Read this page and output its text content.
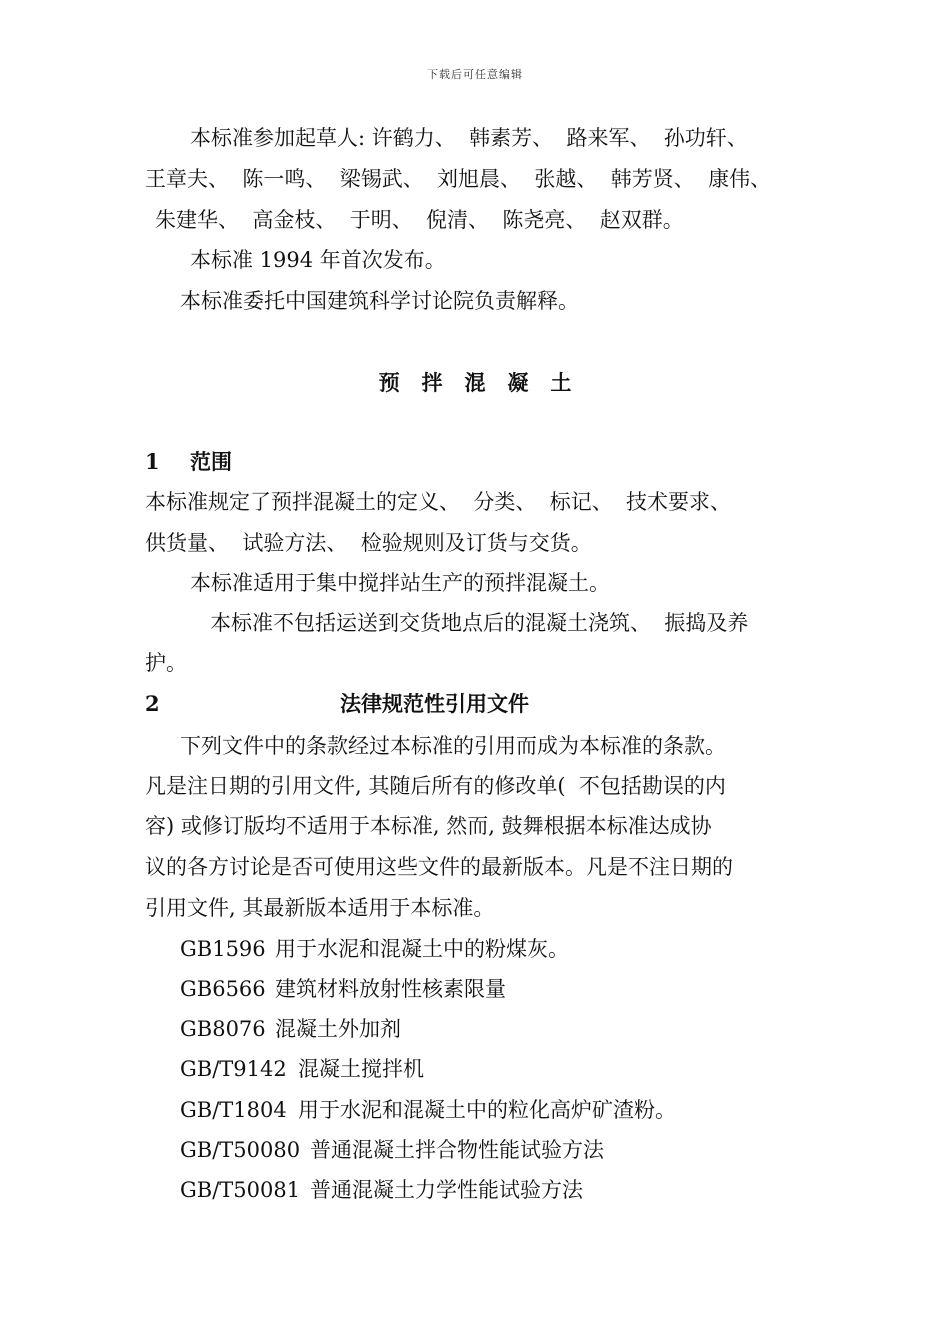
下载后可任意编辑
本标准参加起草人: 许鹤力、  韩素芳、  路来军、  孙功轩、
王章夫、  陈一鸣、  梁锡武、  刘旭晨、  张越、  韩芳贤、  康伟、
朱建华、  高金枝、  于明、  倪清、  陈尧亮、  赵双群。
本标准 1994 年首次发布。
本标准委托中国建筑科学讨论院负责解释。
预   拌   混   凝   土
1 范围
本标准规定了预拌混凝土的定义、  分类、  标记、  技术要求、
供货量、  试验方法、  检验规则及订货与交货。
本标准适用于集中搅拌站生产的预拌混凝土。
本标准不包括运送到交货地点后的混凝土浇筑、  振捣及养
护。
2	法律规范性引用文件
下列文件中的条款经过本标准的引用而成为本标准的条款。
凡是注日期的引用文件, 其随后所有的修改单(  不包括勘误的内
容) 或修订版均不适用于本标准, 然而, 鼓舞根据本标准达成协
议的各方讨论是否可使用这些文件的最新版本。凡是不注日期的
引用文件, 其最新版本适用于本标准。
GB1596 用于水泥和混凝土中的粉煤灰。
GB6566 建筑材料放射性核素限量
GB8076 混凝土外加剂
GB/T9142 混凝土搅拌机
GB/T1804 用于水泥和混凝土中的粒化高炉矿渣粉。
GB/T50080 普通混凝土拌合物性能试验方法
GB/T50081 普通混凝土力学性能试验方法
